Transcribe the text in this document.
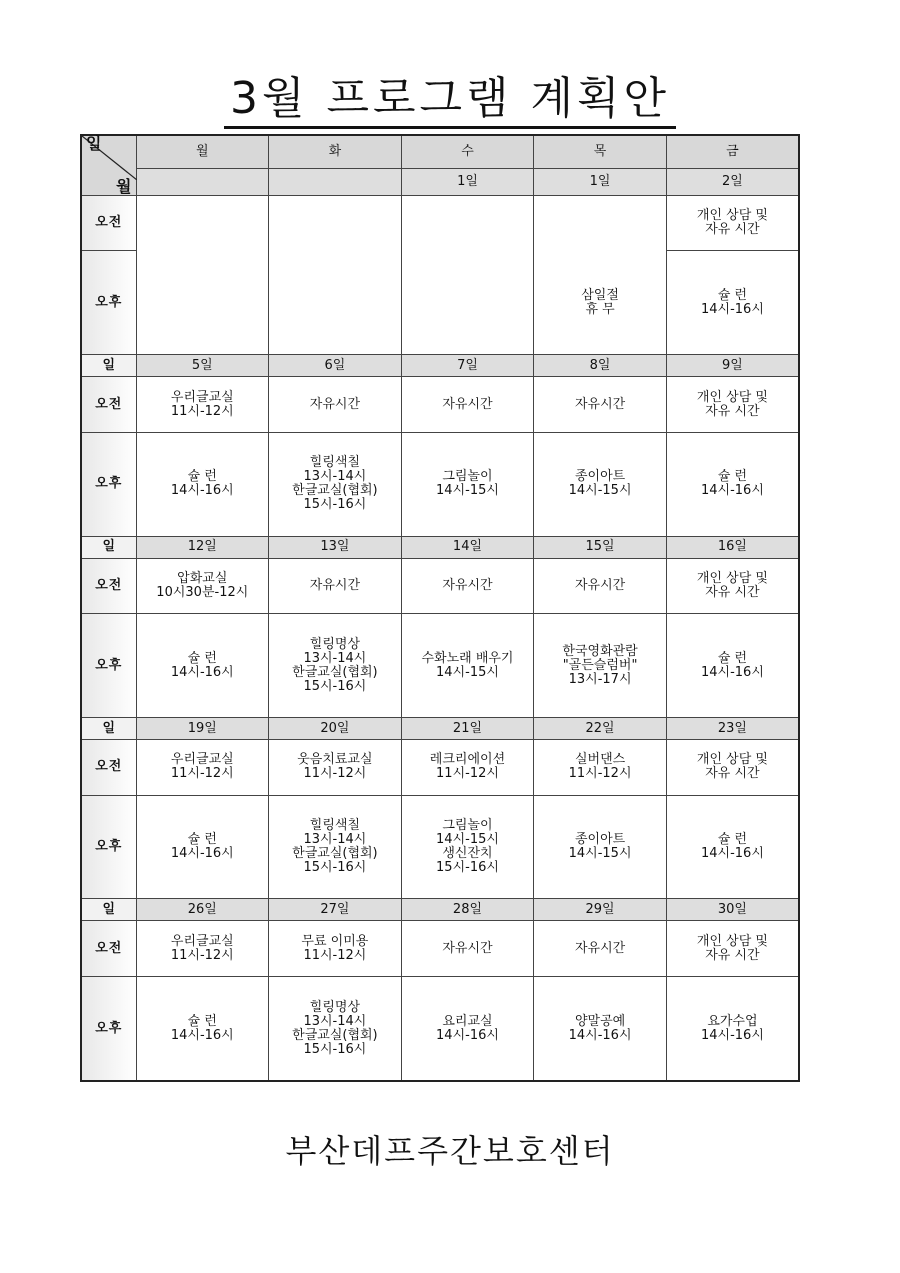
3월 프로그램 계획안

일

월	월	화	수	목	금
			1일	1일	2일
오전					개인 상담 및
자유 시간
오후				삼일절
휴 무	슐 런
14시-16시
일	5일	6일	7일	8일	9일
오전	우리글교실
11시-12시	자유시간	자유시간	자유시간	개인 상담 및
자유 시간
오후	슐 런
14시-16시	힐링색칠
13시-14시
한글교실(협회)
15시-16시	그림놀이
14시-15시	종이아트
14시-15시	슐 런
14시-16시
일	12일	13일	14일	15일	16일
오전	압화교실
10시30분-12시	자유시간	자유시간	자유시간	개인 상담 및
자유 시간
오후	슐 런
14시-16시	힐링명상
13시-14시
한글교실(협회)
15시-16시	수화노래 배우기
14시-15시	한국영화관람
"골든슬럼버"
13시-17시	슐 런
14시-16시
일	19일	20일	21일	22일	23일
오전	우리글교실
11시-12시	웃음치료교실
11시-12시	레크리에이션
11시-12시	실버댄스
11시-12시	개인 상담 및
자유 시간
오후	슐 런
14시-16시	힐링색칠
13시-14시
한글교실(협회)
15시-16시	그림놀이
14시-15시
생신잔치
15시-16시	종이아트
14시-15시	슐 런
14시-16시
일	26일	27일	28일	29일	30일
오전	우리글교실
11시-12시	무료 이미용
11시-12시	자유시간	자유시간	개인 상담 및
자유 시간
오후	슐 런
14시-16시	힐링명상
13시-14시
한글교실(협회)
15시-16시	요리교실
14시-16시	양말공예
14시-16시	요가수업
14시-16시
부산데프주간보호센터
